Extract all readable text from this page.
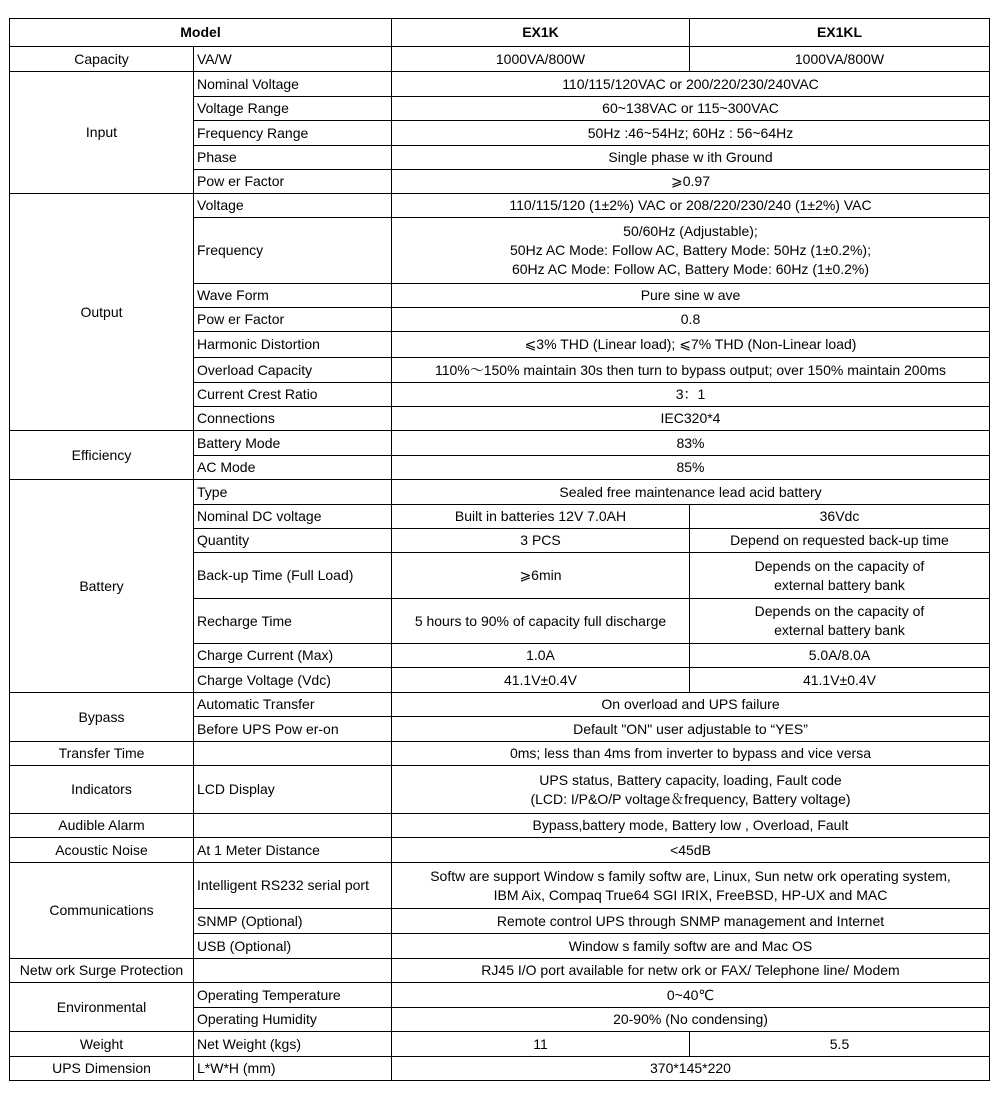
Model		EX1K	EX1KL
Capacity	VA/W	1000VA/800W	1000VA/800W
Input	Nominal Voltage	110/115/120VAC or 200/220/230/240VAC	
	Voltage Range	60~138VAC or 115~300VAC	
	Frequency Range	50Hz :46~54Hz; 60Hz : 56~64Hz	
	Phase	Single phase w ith Ground	
	Pow er Factor	⩾0.97	
Output	Voltage	110/115/120 (1±2%) VAC or 208/220/230/240 (1±2%) VAC	
	Frequency	50/60Hz (Adjustable);
50Hz AC Mode: Follow AC, Battery Mode: 50Hz (1±0.2%);
60Hz AC Mode: Follow AC, Battery Mode: 60Hz (1±0.2%)	

	Wave Form	Pure sine w ave	
	Pow er Factor	0.8	
	Harmonic Distortion	⩽3% THD (Linear load); ⩽7% THD (Non-Linear load)	
	Overload Capacity	110%～150% maintain 30s then turn to bypass output; over 150% maintain 200ms	
	Current Crest Ratio	3：1	
	Connections	IEC320*4	
Efficiency	Battery Mode	83%	
	AC Mode	85%	
Battery	Type	Sealed free maintenance lead acid battery	
	Nominal DC voltage	Built in batteries 12V 7.0AH	36Vdc
	Quantity	3 PCS	Depend on requested back-up time
	Back-up Time (Full Load)	⩾6min	Depends on the capacity of
external battery bank

	Recharge Time	5 hours to 90% of capacity full discharge	Depends on the capacity of
external battery bank

	Charge Current (Max)	1.0A	5.0A/8.0A
	Charge Voltage (Vdc)	41.1V±0.4V	41.1V±0.4V
Bypass	Automatic Transfer	On overload and UPS failure	
	Before UPS Pow er-on	Default "ON" user adjustable to “YES”	
Transfer Time		0ms; less than 4ms from inverter to bypass and vice versa	
Indicators	LCD Display	UPS status, Battery capacity, loading, Fault code
(LCD: I/P&O/P voltage＆frequency, Battery voltage)	

Audible Alarm		Bypass,battery mode, Battery low , Overload, Fault	
Acoustic Noise	At 1 Meter Distance	<45dB	
Communications	Intelligent RS232 serial port	Softw are support Window s family softw are, Linux, Sun netw ork operating system,
IBM Aix, Compaq True64 SGI IRIX, FreeBSD, HP-UX and MAC	

	SNMP (Optional)	Remote control UPS through SNMP management and Internet	
	USB (Optional)	Window s family softw are and Mac OS	
Netw ork Surge Protection		RJ45 I/O port available for netw ork or FAX/ Telephone line/ Modem	
Environmental	Operating Temperature	0~40℃	
	Operating Humidity	20-90% (No condensing)	
Weight	Net Weight (kgs)	11	5.5
UPS Dimension	L*W*H (mm)	370*145*220	
